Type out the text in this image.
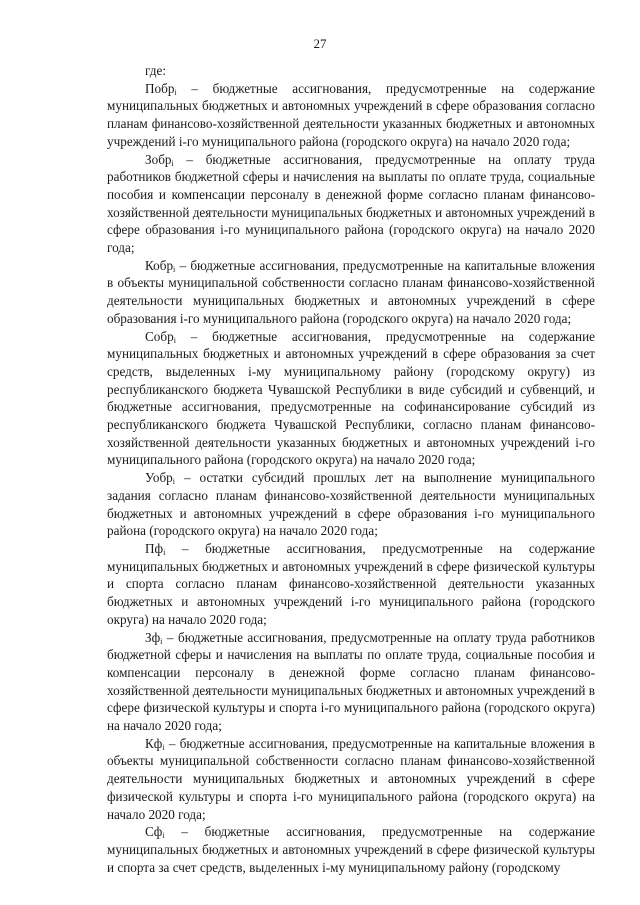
27

где:

Побр$_i$ – бюджетные ассигнования, предусмотренные на содержание муниципальных бюджетных и автономных учреждений в сфере образования согласно планам финансово-хозяйственной деятельности указанных бюджетных и автономных учреждений i-го муниципального района (городского округа) на начало 2020 года;

Зобр$_i$ – бюджетные ассигнования, предусмотренные на оплату труда работников бюджетной сферы и начисления на выплаты по оплате труда, социальные пособия и компенсации персоналу в денежной форме согласно планам финансово-хозяйственной деятельности муниципальных бюджетных и автономных учреждений в сфере образования i-го муниципального района (городского округа) на начало 2020 года;

Кобр$_i$ – бюджетные ассигнования, предусмотренные на капитальные вложения в объекты муниципальной собственности согласно планам финансово-хозяйственной деятельности муниципальных бюджетных и автономных учреждений в сфере образования i-го муниципального района (городского округа) на начало 2020 года;

Собр$_i$ – бюджетные ассигнования, предусмотренные на содержание муниципальных бюджетных и автономных учреждений в сфере образования за счет средств, выделенных i-му муниципальному району (городскому округу) из республиканского бюджета Чувашской Республики в виде субсидий и субвенций, и бюджетные ассигнования, предусмотренные на софинансирование субсидий из республиканского бюджета Чувашской Республики, согласно планам финансово-хозяйственной деятельности указанных бюджетных и автономных учреждений i-го муниципального района (городского округа) на начало 2020 года;

Уобр$_i$ – остатки субсидий прошлых лет на выполнение муниципального задания согласно планам финансово-хозяйственной деятельности муниципальных бюджетных и автономных учреждений в сфере образования i-го муниципального района (городского округа) на начало 2020 года;

$Пф_i$ – бюджетные ассигнования, предусмотренные на содержание муниципальных бюджетных и автономных учреждений в сфере физической культуры и спорта согласно планам финансово-хозяйственной деятельности указанных бюджетных и автономных учреждений i-го муниципального района (городского округа) на начало 2020 года;

$Зф_i$ – бюджетные ассигнования, предусмотренные на оплату труда работников бюджетной сферы и начисления на выплаты по оплате труда, социальные пособия и компенсации персоналу в денежной форме согласно планам финансово-хозяйственной деятельности муниципальных бюджетных и автономных учреждений в сфере физической культуры и спорта i-го муниципального района (городского округа) на начало 2020 года;

$Кф_i$ – бюджетные ассигнования, предусмотренные на капитальные вложения в объекты муниципальной собственности согласно планам финансово-хозяйственной деятельности муниципальных бюджетных и автономных учреждений в сфере физической культуры и спорта i-го муниципального района (городского округа) на начало 2020 года;

$Сф_i$ – бюджетные ассигнования, предусмотренные на содержание муниципальных бюджетных и автономных учреждений в сфере физической культуры и спорта за счет средств, выделенных i-му муниципальному району (городскому
